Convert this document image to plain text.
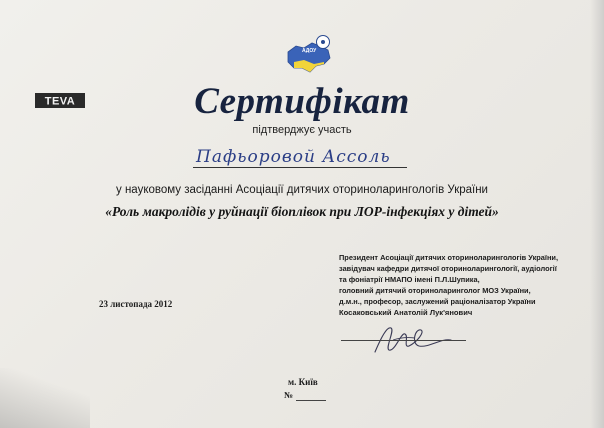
АДОУ
TEVA	Сертифікат
підтверджує участь
Пафьоровой Ассоль
у науковому засіданні Асоціації дитячих оториноларингологів України
«Роль макролідів у руйнації біоплівок при ЛОР-інфекціях у дітей»
Президент Асоціації дитячих оториноларингологів України,
завідувач кафедри дитячої оториноларингології, аудіології
та фоніатрії НМАПО імені П.Л.Шупика,
головний дитячий оториноларинголог МОЗ України,
д.м.н., професор, заслужений раціоналізатор України
Косаковський Анатолій Лук'янович
23 листопада 2012
м. Київ
№
